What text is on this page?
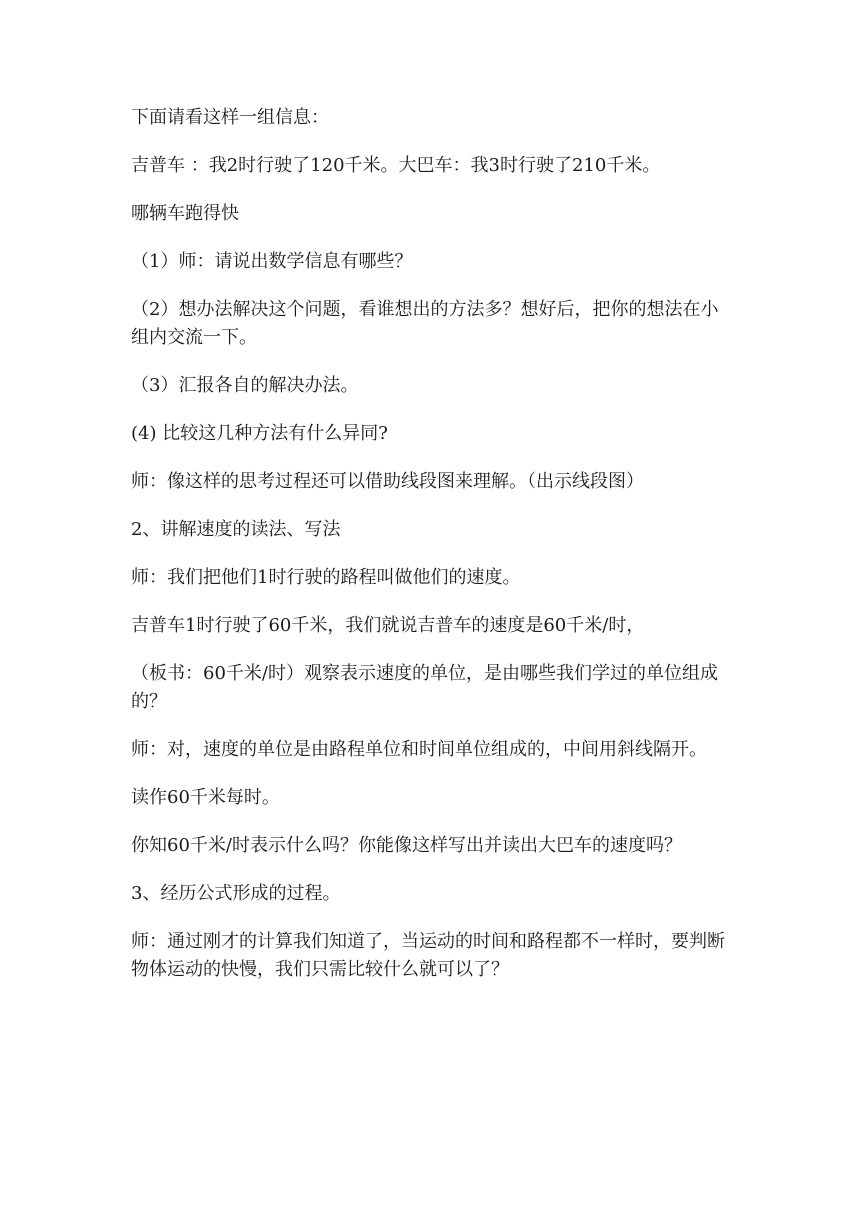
下面请看这样一组信息：

吉普车 ：我2时行驶了120千米。大巴车：我3时行驶了210千米。

哪辆车跑得快

（1）师：请说出数学信息有哪些？

（2）想办法解决这个问题，看谁想出的方法多？想好后，把你的想法在小组内交流一下。

（3）汇报各自的解决办法。

(4) 比较这几种方法有什么异同?

师：像这样的思考过程还可以借助线段图来理解。（出示线段图）

2、讲解速度的读法、写法

师：我们把他们1时行驶的路程叫做他们的速度。

吉普车1时行驶了60千米，我们就说吉普车的速度是60千米/时，

（板书：60千米/时）观察表示速度的单位，是由哪些我们学过的单位组成的？

师：对，速度的单位是由路程单位和时间单位组成的，中间用斜线隔开。

读作60千米每时。

你知60千米/时表示什么吗？你能像这样写出并读出大巴车的速度吗？

3、经历公式形成的过程。

师：通过刚才的计算我们知道了，当运动的时间和路程都不一样时，要判断物体运动的快慢，我们只需比较什么就可以了？
